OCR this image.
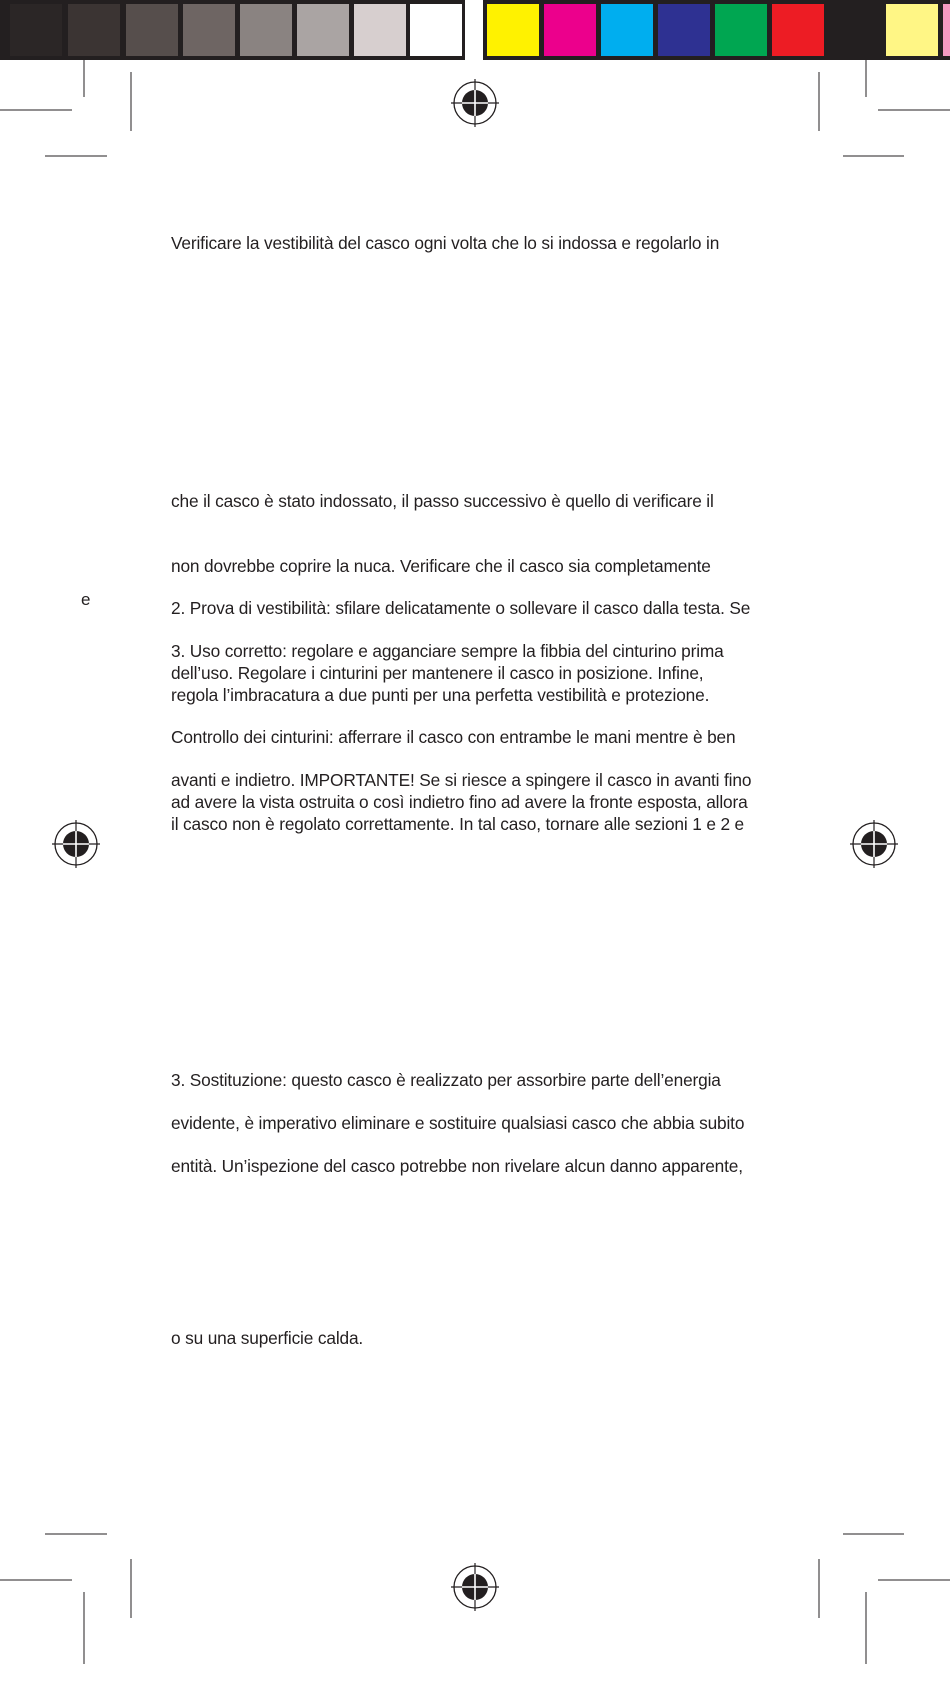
e

Verificare la vestibilità del casco ogni volta che lo si indossa e regolarlo in

che il casco è stato indossato, il passo successivo è quello di verificare il

non dovrebbe coprire la nuca. Verificare che il casco sia completamente

2. Prova di vestibilità: sfilare delicatamente o sollevare il casco dalla testa. Se

3. Uso corretto: regolare e agganciare sempre la fibbia del cinturino prima
dell’uso. Regolare i cinturini per mantenere il casco in posizione. Infine,
regola l’imbracatura a due punti per una perfetta vestibilità e protezione.

Controllo dei cinturini: afferrare il casco con entrambe le mani mentre è ben

avanti e indietro. IMPORTANTE! Se si riesce a spingere il casco in avanti fino
ad avere la vista ostruita o così indietro fino ad avere la fronte esposta, allora
il casco non è regolato correttamente. In tal caso, tornare alle sezioni 1 e 2 e

3. Sostituzione: questo casco è realizzato per assorbire parte dell’energia

evidente, è imperativo eliminare e sostituire qualsiasi casco che abbia subito

entità. Un’ispezione del casco potrebbe non rivelare alcun danno apparente,

o su una superficie calda.
